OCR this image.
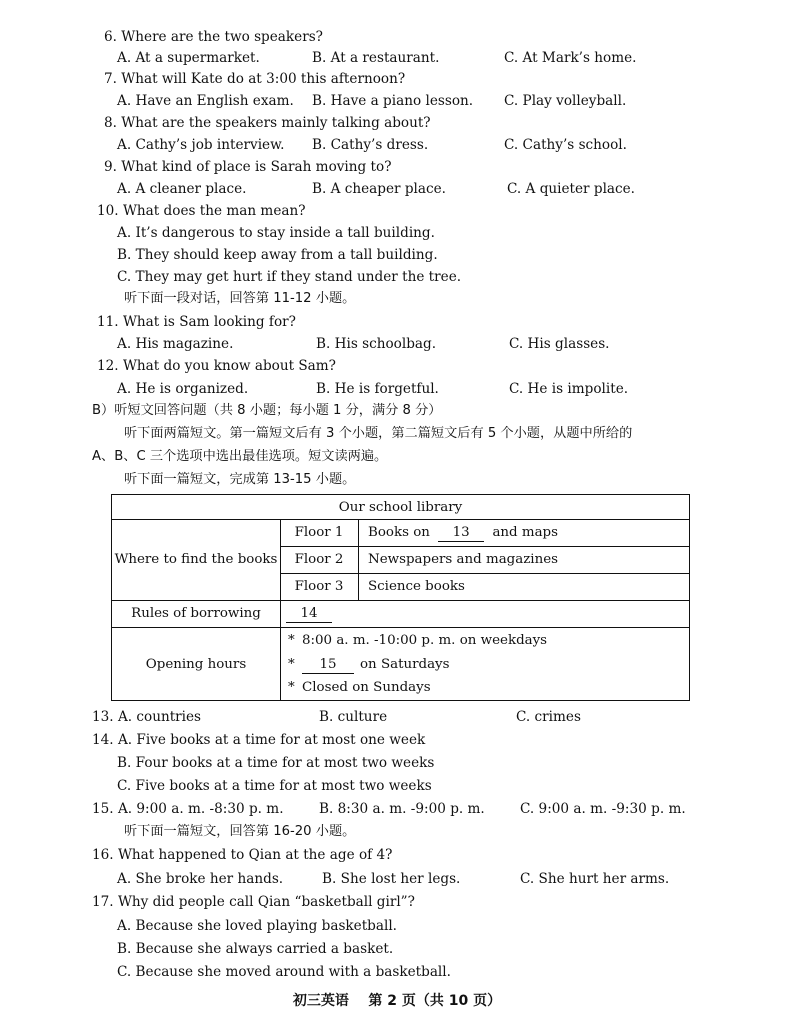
6. Where are the two speakers?
A. At a supermarket.	B. At a restaurant.	C. At Mark’s home.
7. What will Kate do at 3:00 this afternoon?
A. Have an English exam. B. Have a piano lesson. C. Play volleyball.
8. What are the speakers mainly talking about?
A. Cathy’s job interview. B. Cathy’s dress.	C. Cathy’s school.
9. What kind of place is Sarah moving to?
A. A cleaner place.	B. A cheaper place.	C. A quieter place.
10. What does the man mean?
A. It’s dangerous to stay inside a tall building.
B. They should keep away from a tall building.
C. They may get hurt if they stand under the tree.
听下面一段对话，回答第 11-12 小题。
11. What is Sam looking for?
A. His magazine.	B. His schoolbag.	C. His glasses.
12. What do you know about Sam?
A. He is organized.	B. He is forgetful.	C. He is impolite.
B）听短文回答问题（共 8 小题；每小题 1 分，满分 8 分）
听下面两篇短文。第一篇短文后有 3 个小题，第二篇短文后有 5 个小题，从题中所给的
A、B、C 三个选项中选出最佳选项。短文读两遍。
听下面一篇短文，完成第 13-15 小题。
Our school library
Where to find the books
Floor 1	Books on 13 and maps
Floor 2	Newspapers and magazines
Floor 3	Science books
Rules of borrowing	14
Opening hours
* 8:00 a. m. -10:00 p. m. on weekdays
* 15 on Saturdays
* Closed on Sundays
13. A. countries	B. culture	C. crimes
14. A. Five books at a time for at most one week
B. Four books at a time for at most two weeks
C. Five books at a time for at most two weeks
15. A. 9:00 a. m. -8:30 p. m.	B. 8:30 a. m. -9:00 p. m.	C. 9:00 a. m. -9:30 p. m.
听下面一篇短文，回答第 16-20 小题。
16. What happened to Qian at the age of 4?
A. She broke her hands.	B. She lost her legs.	C. She hurt her arms.
17. Why did people call Qian “basketball girl”?
A. Because she loved playing basketball.
B. Because she always carried a basket.
C. Because she moved around with a basketball.
初三英语    第 2 页（共 10 页）
